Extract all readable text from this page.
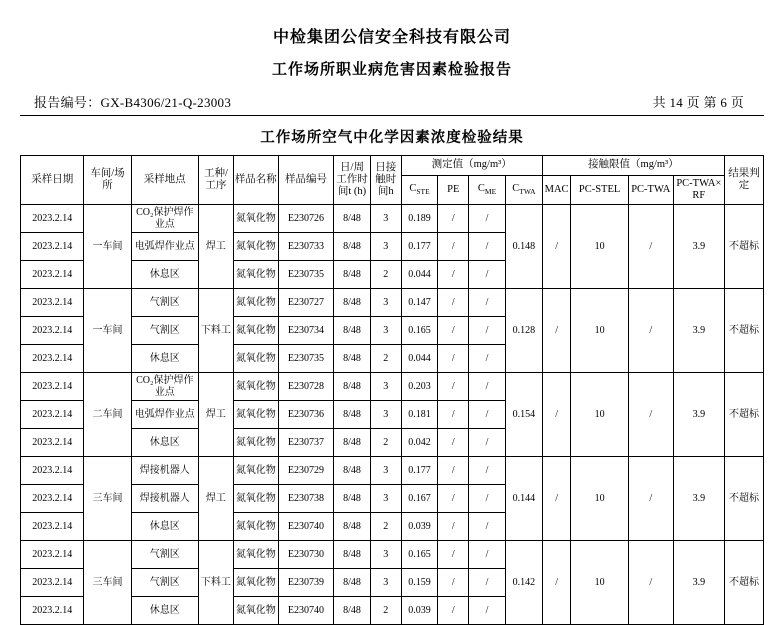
中检集团公信安全科技有限公司
工作场所职业病危害因素检验报告
报告编号：GX-B4306/21-Q-23003	共 14 页 第 6 页
工作场所空气中化学因素浓度检验结果
采样日期	车间/场所	采样地点	工种/工序	样品名称	样品编号	日/周工作时间t (h)	日接触时间h	测定值（mg/m³）				接触限值（mg/m³）				结果判定
								$C_{STE}$	PE	$C_{ME}$	$C_{TWA}$	MAC	PC-STEL	PC-TWA	PC-TWA×RF	
2023.2.14	一车间	CO₂保护焊作业点	焊工	氮氧化物	E230726	8/48	3	0.189	/	/	0.148	/	10	/	3.9	不超标
2023.2.14		电弧焊作业点		氮氧化物	E230733	8/48	3	0.177	/	/						
2023.2.14		休息区		氮氧化物	E230735	8/48	2	0.044	/	/						
2023.2.14	一车间	气割区	下料工	氮氧化物	E230727	8/48	3	0.147	/	/	0.128	/	10	/	3.9	不超标
2023.2.14		气割区		氮氧化物	E230734	8/48	3	0.165	/	/						
2023.2.14		休息区		氮氧化物	E230735	8/48	2	0.044	/	/						
2023.2.14	二车间	CO₂保护焊作业点	焊工	氮氧化物	E230728	8/48	3	0.203	/	/	0.154	/	10	/	3.9	不超标
2023.2.14		电弧焊作业点		氮氧化物	E230736	8/48	3	0.181	/	/						
2023.2.14		休息区		氮氧化物	E230737	8/48	2	0.042	/	/						
2023.2.14	三车间	焊接机器人	焊工	氮氧化物	E230729	8/48	3	0.177	/	/	0.144	/	10	/	3.9	不超标
2023.2.14		焊接机器人		氮氧化物	E230738	8/48	3	0.167	/	/						
2023.2.14		休息区		氮氧化物	E230740	8/48	2	0.039	/	/						
2023.2.14	三车间	气割区	下料工	氮氧化物	E230730	8/48	3	0.165	/	/	0.142	/	10	/	3.9	不超标
2023.2.14		气割区		氮氧化物	E230739	8/48	3	0.159	/	/						
2023.2.14		休息区		氮氧化物	E230740	8/48	2	0.039	/	/						
